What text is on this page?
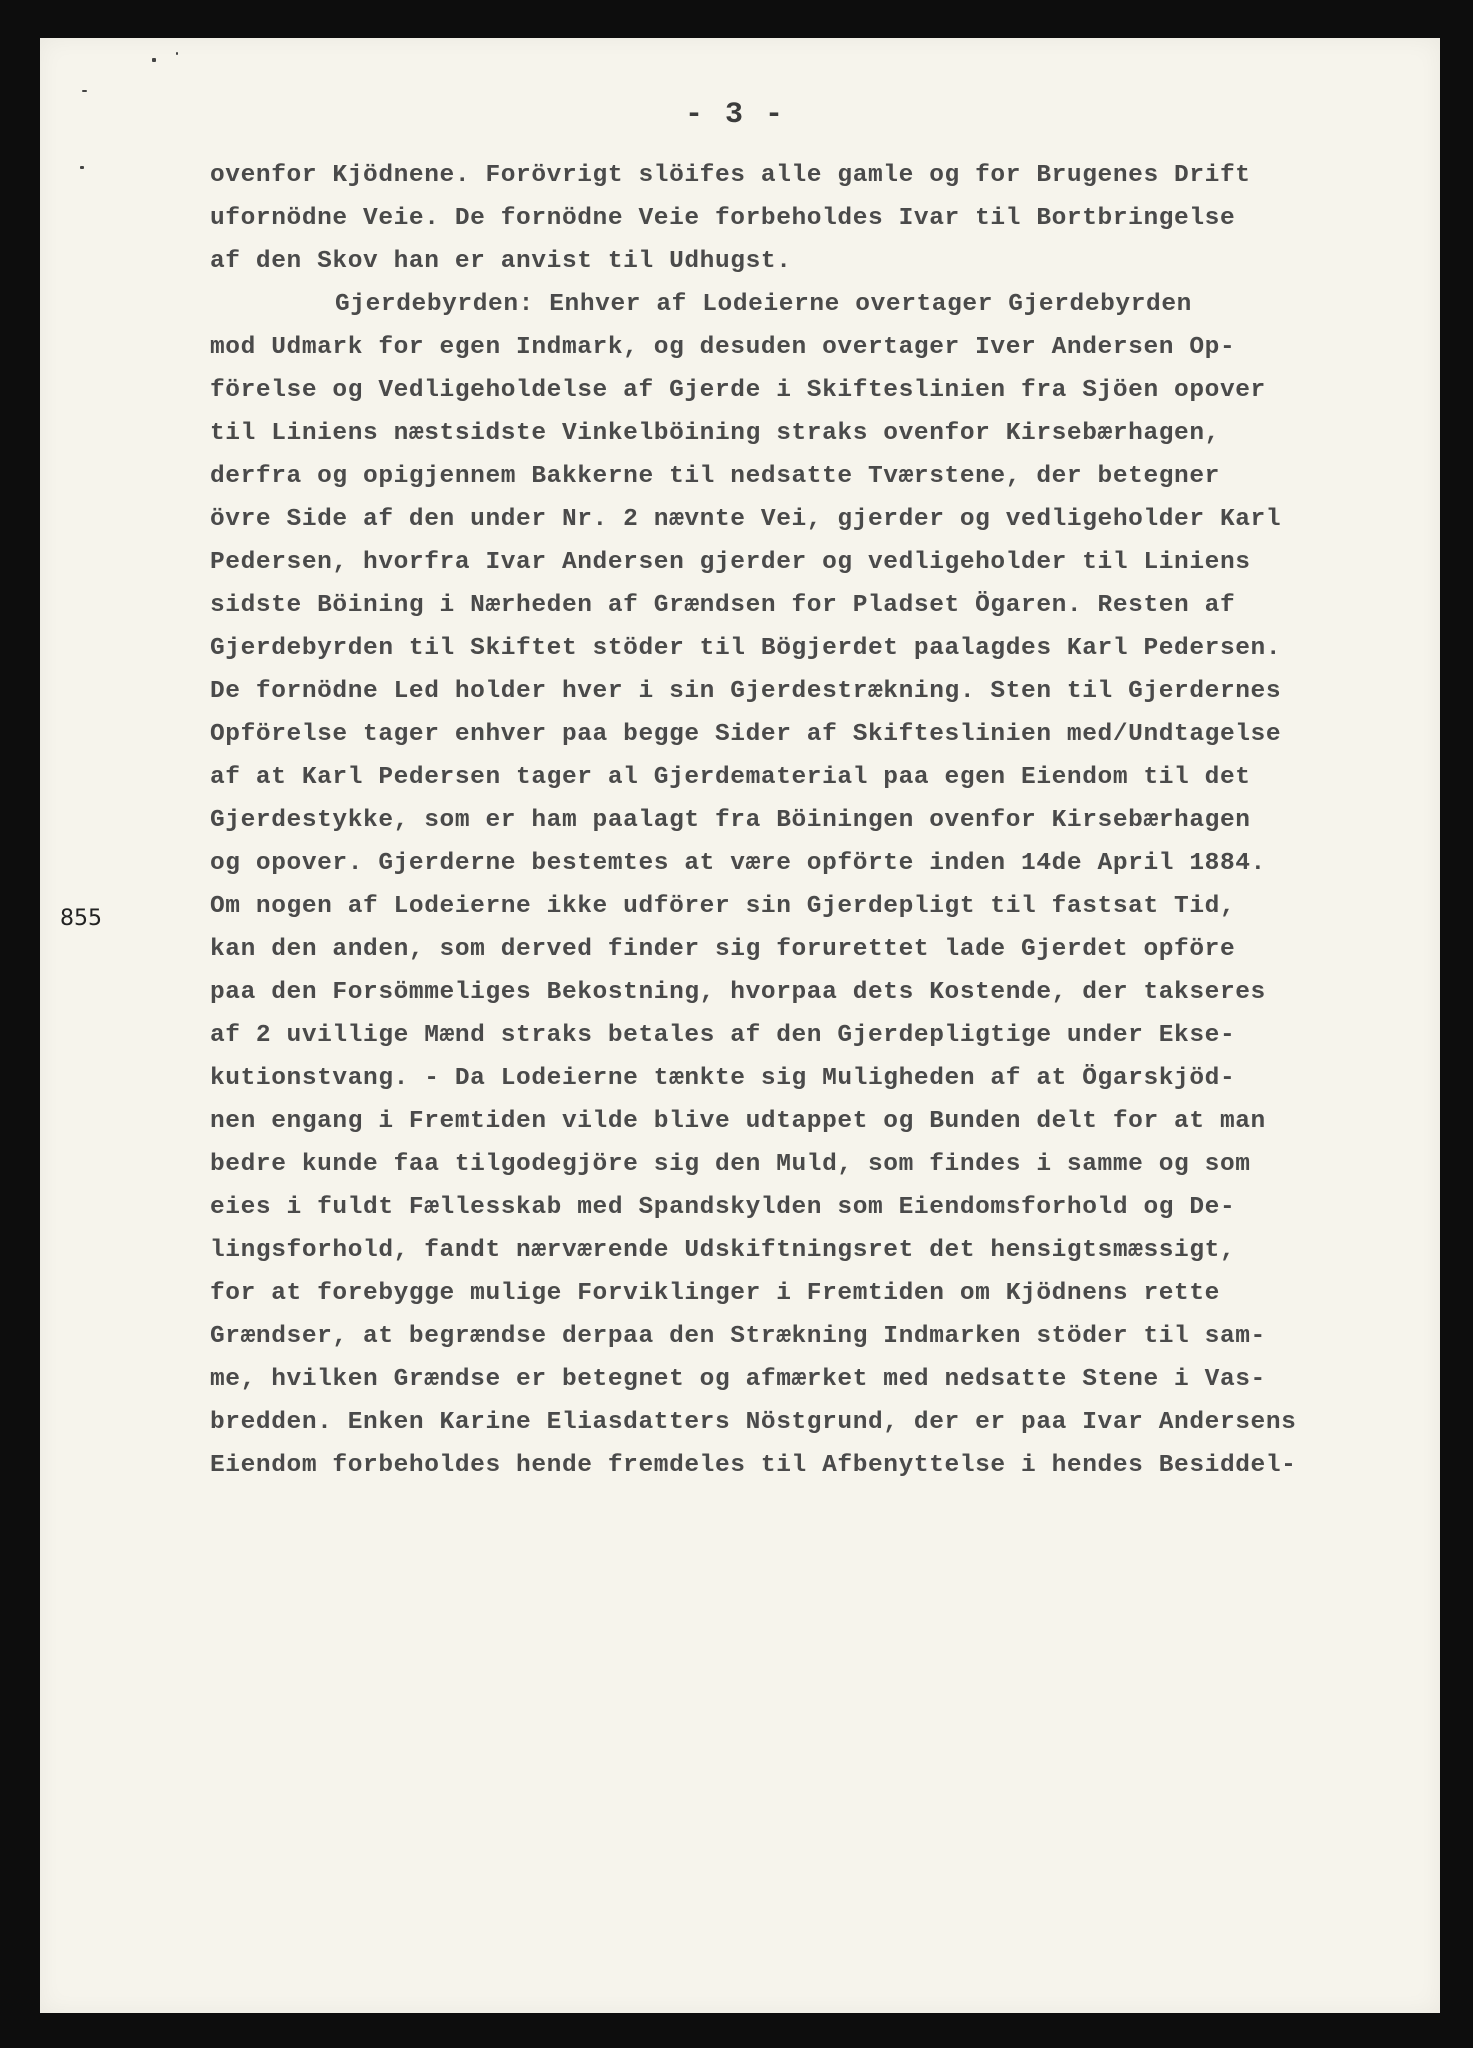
- 3 -
855
ovenfor Kjödnene. Forövrigt slöifes alle gamle og for Brugenes Drift
ufornödne Veie. De fornödne Veie forbeholdes Ivar til Bortbringelse
af den Skov han er anvist til Udhugst.
Gjerdebyrden: Enhver af Lodeierne overtager Gjerdebyrden
mod Udmark for egen Indmark, og desuden overtager Iver Andersen Op-
förelse og Vedligeholdelse af Gjerde i Skifteslinien fra Sjöen opover
til Liniens næstsidste Vinkelböining straks ovenfor Kirsebærhagen,
derfra og opigjennem Bakkerne til nedsatte Tværstene, der betegner
övre Side af den under Nr. 2 nævnte Vei, gjerder og vedligeholder Karl
Pedersen, hvorfra Ivar Andersen gjerder og vedligeholder til Liniens
sidste Böining i Nærheden af Grændsen for Pladset Ögaren. Resten af
Gjerdebyrden til Skiftet stöder til Bögjerdet paalagdes Karl Pedersen.
De fornödne Led holder hver i sin Gjerdestrækning. Sten til Gjerdernes
Opförelse tager enhver paa begge Sider af Skifteslinien med/Undtagelse
af at Karl Pedersen tager al Gjerdematerial paa egen Eiendom til det
Gjerdestykke, som er ham paalagt fra Böiningen ovenfor Kirsebærhagen
og opover. Gjerderne bestemtes at være opförte inden 14de April 1884.
Om nogen af Lodeierne ikke udförer sin Gjerdepligt til fastsat Tid,
kan den anden, som derved finder sig forurettet lade Gjerdet opföre
paa den Forsömmeliges Bekostning, hvorpaa dets Kostende, der takseres
af 2 uvillige Mænd straks betales af den Gjerdepligtige under Ekse-
kutionstvang. - Da Lodeierne tænkte sig Muligheden af at Ögarskjöd-
nen engang i Fremtiden vilde blive udtappet og Bunden delt for at man
bedre kunde faa tilgodegjöre sig den Muld, som findes i samme og som
eies i fuldt Fællesskab med Spandskylden som Eiendomsforhold og De-
lingsforhold, fandt nærværende Udskiftningsret det hensigtsmæssigt,
for at forebygge mulige Forviklinger i Fremtiden om Kjödnens rette
Grændser, at begrændse derpaa den Strækning Indmarken stöder til sam-
me, hvilken Grændse er betegnet og afmærket med nedsatte Stene i Vas-
bredden. Enken Karine Eliasdatters Nöstgrund, der er paa Ivar Andersens
Eiendom forbeholdes hende fremdeles til Afbenyttelse i hendes Besiddel-
